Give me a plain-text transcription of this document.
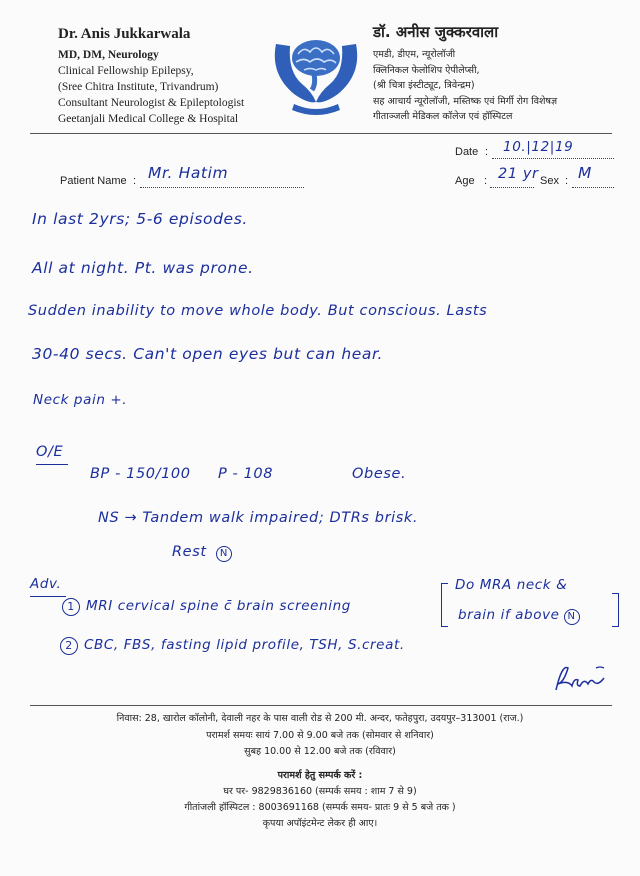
Dr. Anis Jukkarwala
MD, DM, Neurology
Clinical Fellowship Epilepsy,
(Sree Chitra Institute, Trivandrum)
Consultant Neurologist & Epileptologist
Geetanjali Medical College & Hospital
डॉ. अनीस जुक्करवाला
एमडी, डीएम, न्यूरोलॉजी
क्लिनिकल फेलोशिप ऐपीलेप्सी,
(श्री चित्रा इंस्टीट्यूट, त्रिवेन्द्रम)
सह आचार्य न्यूरोलॉजी, मस्तिष्क एवं मिर्गी रोग विशेषज्ञ
गीताञ्जली मेडिकल कॉलेज एवं हॉस्पिटल
Date : 10.|12|19
Patient Name : Mr. Hatim	Age : 21 yr Sex : M
In last 2yrs; 5-6 episodes.
All at night. Pt. was prone.
Sudden inability to move whole body. But conscious. Lasts
30-40 secs. Can't open eyes but can hear.
Neck pain +.
O/E
BP - 150/100 P - 108	Obese.
NS → Tandem walk impaired; DTRs brisk.
Rest N
Adv.
1 MRI cervical spine c̄ brain screening
Do MRA neck &
brain if above N
2 CBC, FBS, fasting lipid profile, TSH, S.creat.
निवास: 28, खारोल कॉलोनी, देवाली नहर के पास वाली रोड से 200 मी. अन्दर, फतेहपुरा, उदयपुर–313001 (राज.)
परामर्श समयः सायं 7.00 से 9.00 बजे तक (सोमवार से शनिवार)
सुबह 10.00 से 12.00 बजे तक (रविवार)
परामर्श हेतु सम्पर्क करें :
घर पर- 9829836160 (सम्पर्क समय : शाम 7 से 9)
गीतांजली हॉस्पिटल : 8003691168 (सम्पर्क समय- प्रातः 9 से 5 बजे तक )
कृपया अपॉइंटमेन्ट लेकर ही आए।
